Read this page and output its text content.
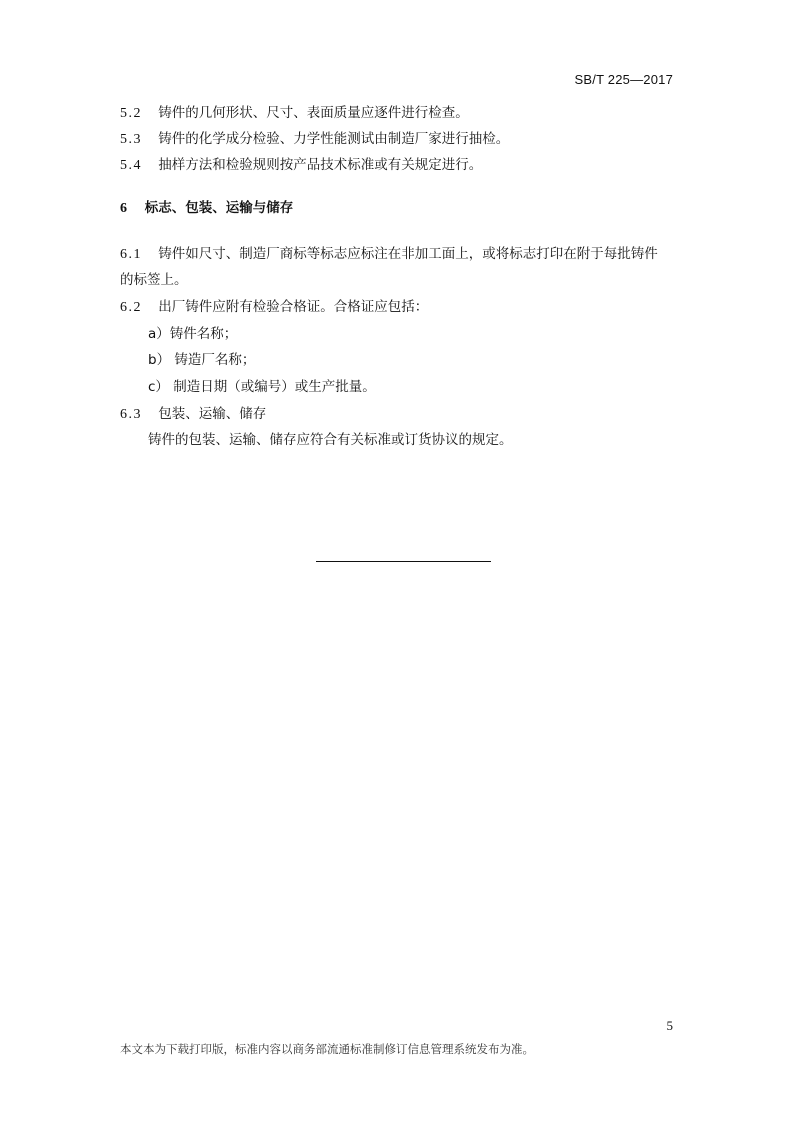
SB/T 225—2017
5.2 铸件的几何形状、尺寸、表面质量应逐件进行检查。
5.3 铸件的化学成分检验、力学性能测试由制造厂家进行抽检。
5.4 抽样方法和检验规则按产品技术标准或有关规定进行。
6 标志、包装、运输与储存
6.1 铸件如尺寸、制造厂商标等标志应标注在非加工面上，或将标志打印在附于每批铸件
的标签上。
6.2 出厂铸件应附有检验合格证。合格证应包括：
a）铸件名称；
b） 铸造厂名称；
c） 制造日期（或编号）或生产批量。
6.3 包装、运输、储存
铸件的包装、运输、储存应符合有关标准或订货协议的规定。
5
本文本为下载打印版，标准内容以商务部流通标准制修订信息管理系统发布为准。
